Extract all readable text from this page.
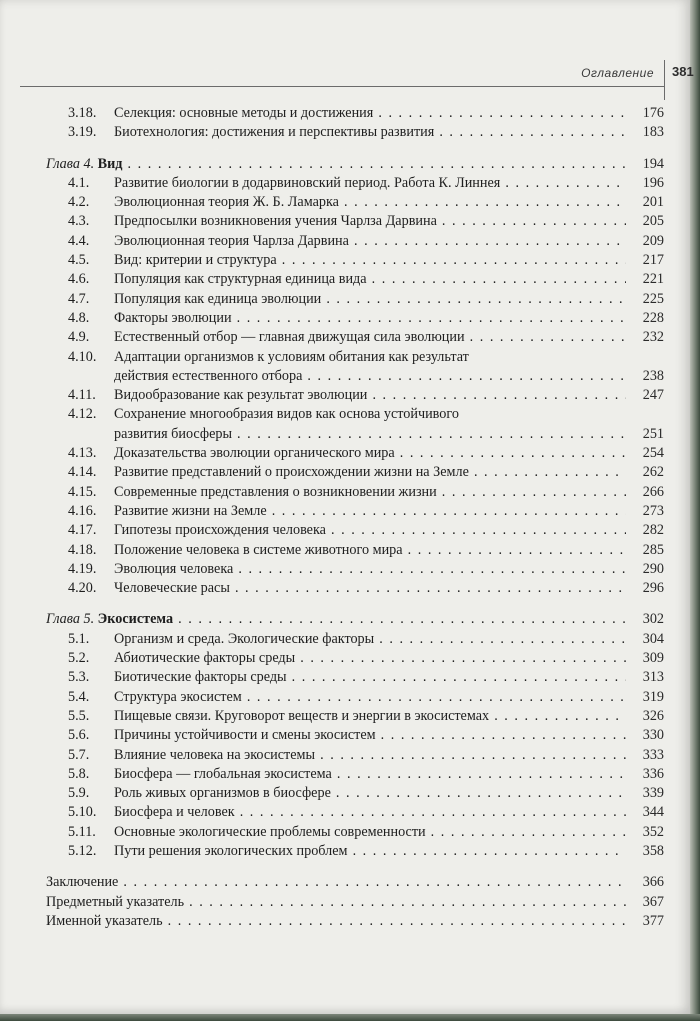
Оглавление 381
3.18.	Селекция: основные методы и достижения . . .	176
3.19.	Биотехнология: достижения и перспективы развития . . .	183
Глава 4. Вид . . .	194
4.1.	Развитие биологии в додарвиновский период. Работа К. Линнея . . .	196
4.2.	Эволюционная теория Ж. Б. Ламарка . . .	201
4.3.	Предпосылки возникновения учения Чарлза Дарвина . . .	205
4.4.	Эволюционная теория Чарлза Дарвина . . .	209
4.5.	Вид: критерии и структура . . .	217
4.6.	Популяция как структурная единица вида . . .	221
4.7.	Популяция как единица эволюции . . .	225
4.8.	Факторы эволюции . . .	228
4.9.	Естественный отбор — главная движущая сила эволюции . . .	232
4.10.	Адаптации организмов к условиям обитания как результат
действия естественного отбора . . .	238
4.11.	Видообразование как результат эволюции . . .	247
4.12.	Сохранение многообразия видов как основа устойчивого
развития биосферы . . .	251
4.13.	Доказательства эволюции органического мира . . .	254
4.14.	Развитие представлений о происхождении жизни на Земле . . .	262
4.15.	Современные представления о возникновении жизни . . .	266
4.16.	Развитие жизни на Земле . . .	273
4.17.	Гипотезы происхождения человека . . .	282
4.18.	Положение человека в системе животного мира . . .	285
4.19.	Эволюция человека . . .	290
4.20.	Человеческие расы . . .	296
Глава 5. Экосистема . . .	302
5.1.	Организм и среда. Экологические факторы . . .	304
5.2.	Абиотические факторы среды . . .	309
5.3.	Биотические факторы среды . . .	313
5.4.	Структура экосистем . . .	319
5.5.	Пищевые связи. Круговорот веществ и энергии в экосистемах . . .	326
5.6.	Причины устойчивости и смены экосистем . . .	330
5.7.	Влияние человека на экосистемы . . .	333
5.8.	Биосфера — глобальная экосистема . . .	336
5.9.	Роль живых организмов в биосфере . . .	339
5.10.	Биосфера и человек . . .	344
5.11.	Основные экологические проблемы современности . . .	352
5.12.	Пути решения экологических проблем . . .	358
Заключение . . .	366
Предметный указатель . . .	367
Именной указатель . . .	377
